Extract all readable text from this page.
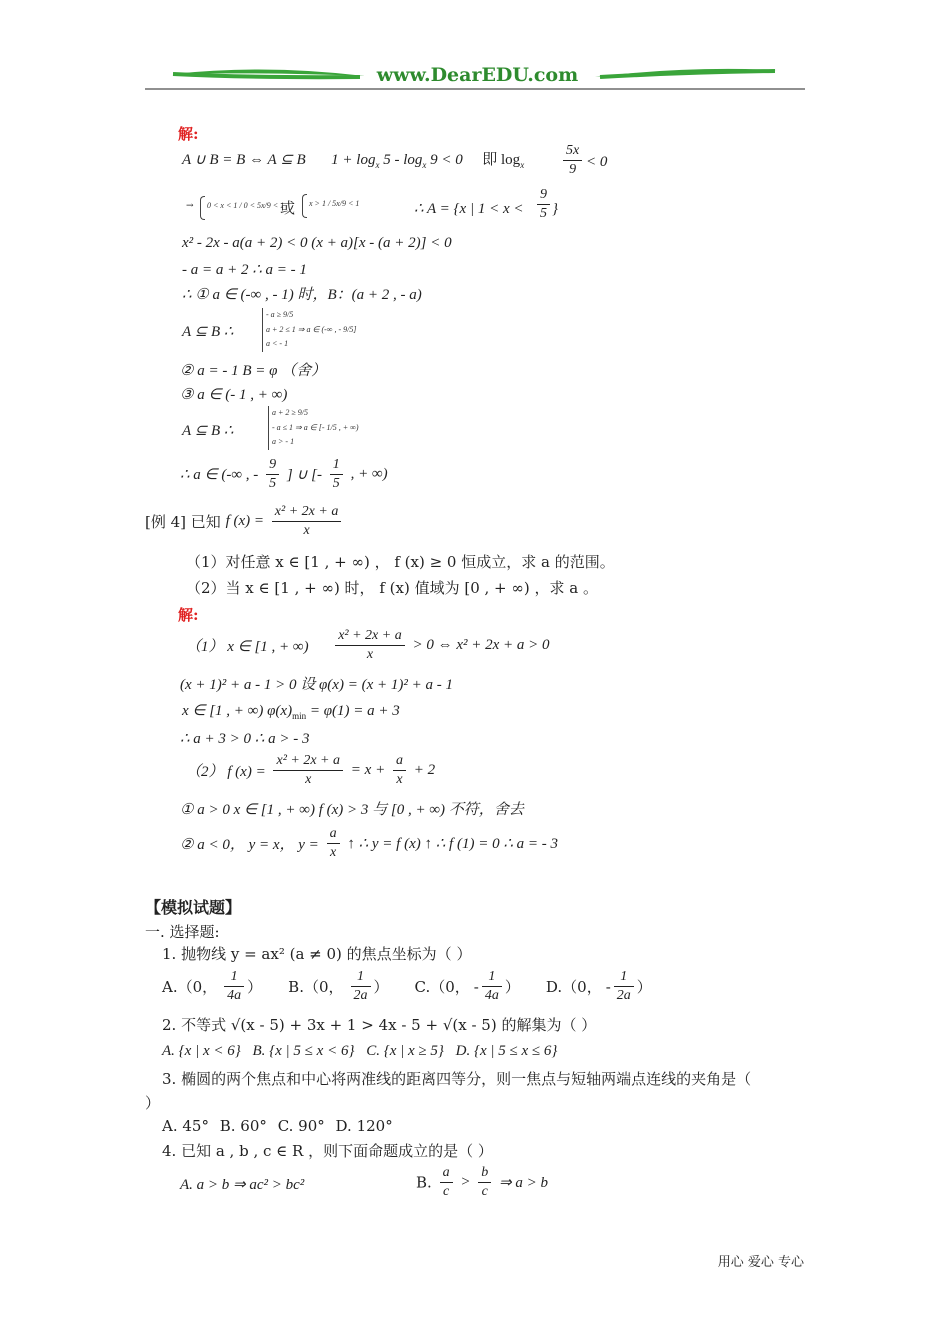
www.DearEDU.com
解:
A ∪ B = B ⇔ A ⊆ B $1 + \log_x 5 - \log_x 9 < 0$ 即 $\log_x$	$\frac{5x}{9} < 0$
→ 0 < x < 1 / 0 < 5x/9 < 1
或 x > 1 / 5x/9 < 1	∴ A = {x | $1 < x < \frac{9}{5}$ }
x² - 2x - a(a + 2) < 0 (x + a)[x - (a + 2)] < 0
- a = a + 2 ∴ a = - 1
∴ ① a ∈ (-∞ , - 1) 时，B：(a + 2 , - a)
A ⊆ B ∴
- a ≥ 9/5
a + 2 ≤ 1 ⇒ a ∈ (-∞ , - 9/5]
a < - 1
② a = - 1 B = φ （舍）
③ a ∈ (- 1 , + ∞)
A ⊆ B ∴
a + 2 ≥ 9/5
- a ≤ 1 ⇒ a ∈ [- 1/5 , + ∞)
a > - 1
∴ a ∈ (-∞ , - $\frac{9}{5}$ ] ∪ [- $\frac{1}{5}$ , + ∞)
[例 4] 已知 f $(x) = \frac{\text{x² + 2x + a}}{x}$
（1）对任意 x ∈ [1 , + ∞) ， f (x) ≥ 0 恒成立，求 a 的范围。
（2）当 x ∈ [1 , + ∞) 时， f (x) 值域为 [0 , + ∞) ，求 a 。
解:
（1） x ∈ [1 , + ∞) $\frac{\text{x² + 2x + a}}{x} > 0$ ⇔ x² + 2x + a > 0
(x + 1)² + a - 1 > 0 设 φ(x) = (x + 1)² + a - 1
x ∈ [1 , + ∞) $\varphi(x)_{min} = \varphi(1) = a + 3$
∴ a + 3 > 0 ∴ a > - 3
（2） f $(x) = \frac{\text{x² + 2x + a}}{x} = x + \frac{a}{x} + 2$
① a > 0 x ∈ [1 , + ∞) f (x) > 3 与 [0 , + ∞) 不符，舍去
② a < 0， y = x， $y = \frac{a}{x}$ ↑ ∴ y = f (x) ↑ ∴ f (1) = 0 ∴ a = - 3
【模拟试题】
一. 选择题:
1. 抛物线 y = ax² (a ≠ 0) 的焦点坐标为（ ）
A.（0， $\frac{1}{4a}$ ） B.（0， $\frac{1}{2a}$ ） C.（0， - $\frac{1}{4a}$ ） D.（0， - $\frac{1}{2a}$ ）
2. 不等式 √(x - 5) + 3x + 1 > 4x - 5 + √(x - 5) 的解集为（ ）
A. {x | x < 6} B. {x | 5 ≤ x < 6} C. {x | x ≥ 5} D. {x | 5 ≤ x ≤ 6}
3. 椭圆的两个焦点和中心将两准线的距离四等分，则一焦点与短轴两端点连线的夹角是（
）
A. 45° B. 60° C. 90° D. 120°
4. 已知 a , b , c ∈ R ，则下面命题成立的是（ ）
A. a > b ⇒ ac² > bc²	B. $\frac{a}{c} > \frac{b}{c}$ ⇒ a > b
用心 爱心 专心
